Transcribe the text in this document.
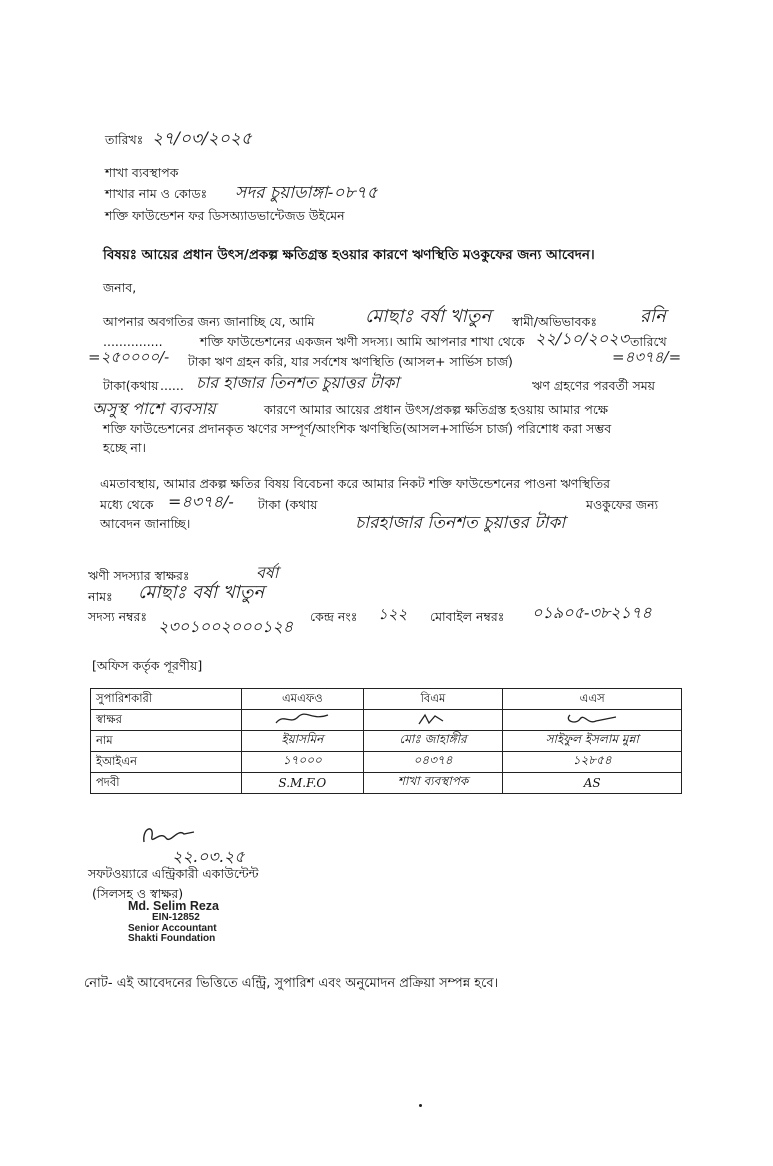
তারিখঃ ২৭/০৩/২০২৫
শাখা ব্যবস্থাপক
শাখার নাম ও কোডঃ সদর চুয়াডাঙ্গা-০৮৭৫
শক্তি ফাউন্ডেশন ফর ডিসঅ্যাডভান্টেজড উইমেন
বিষয়ঃ আয়ের প্রধান উৎস/প্রকল্প ক্ষতিগ্রস্ত হওয়ার কারণে ঋণস্থিতি মওকুফের জন্য আবেদন।
জনাব,
আপনার অবগতির জন্য জানাচ্ছি যে, আমি	মোছাঃ বর্ষা খাতুন স্বামী/অভিভাবকঃ রনি
...............	শক্তি ফাউন্ডেশনের একজন ঋণী সদস্য। আমি আপনার শাখা থেকে ২২/১০/২০২৩ তারিখে
=২৫০০০০/- টাকা ঋণ গ্রহন করি, যার সর্বশেষ ঋণস্থিতি (আসল+ সার্ভিস চার্জ)	=৪৩৭৪/=
টাকা(কথায় ...... চার হাজার তিনশত চুয়াত্তর টাকা	ঋণ গ্রহণের পরবর্তী সময়
অসুস্থ পাশে ব্যবসায়	কারণে আমার আয়ের প্রধান উৎস/প্রকল্প ক্ষতিগ্রস্ত হওয়ায় আমার পক্ষে
শক্তি ফাউন্ডেশনের প্রদানকৃত ঋণের সম্পূর্ণ/আংশিক ঋণস্থিতি(আসল+সার্ভিস চার্জ) পরিশোধ করা সম্ভব
হচ্ছে না।
এমতাবস্থায়, আমার প্রকল্প ক্ষতির বিষয় বিবেচনা করে আমার নিকট শক্তি ফাউন্ডেশনের পাওনা ঋণস্থিতির
মধ্যে থেকে =৪৩৭৪/- টাকা (কথায়	মওকুফের জন্য
আবেদন জানাচ্ছি।	চারহাজার তিনশত চুয়াত্তর টাকা
ঋণী সদস্যার স্বাক্ষরঃ	বর্ষা
নামঃ মোছাঃ বর্ষা খাতুন
সদস্য নম্বরঃ
২৩০১০০২০০০১২৪
কেন্দ্র নংঃ ১২২ মোবাইল নম্বরঃ ০১৯০৫-৩৮২১৭৪
[অফিস কর্তৃক পূরণীয়]
সুপারিশকারী	এমএফও	বিএম	এএস
স্বাক্ষর			
নাম	ইয়াসমিন	মোঃ জাহাঙ্গীর	সাইফুল ইসলাম মুন্না
ইআইএন	১৭০০০	০৪৩৭৪	১২৮৫৪
পদবী	S.M.F.O	শাখা ব্যবস্থাপক	AS
২২.০৩.২৫
সফটওয়্যারে এন্ট্রিকারী একাউন্টেন্ট
(সিলসহ ও স্বাক্ষর)
Md. Selim Reza
EIN-12852
Senior Accountant
Shakti Foundation
নোট- এই আবেদনের ভিত্তিতে এন্ট্রি, সুপারিশ এবং অনুমোদন প্রক্রিয়া সম্পন্ন হবে।
